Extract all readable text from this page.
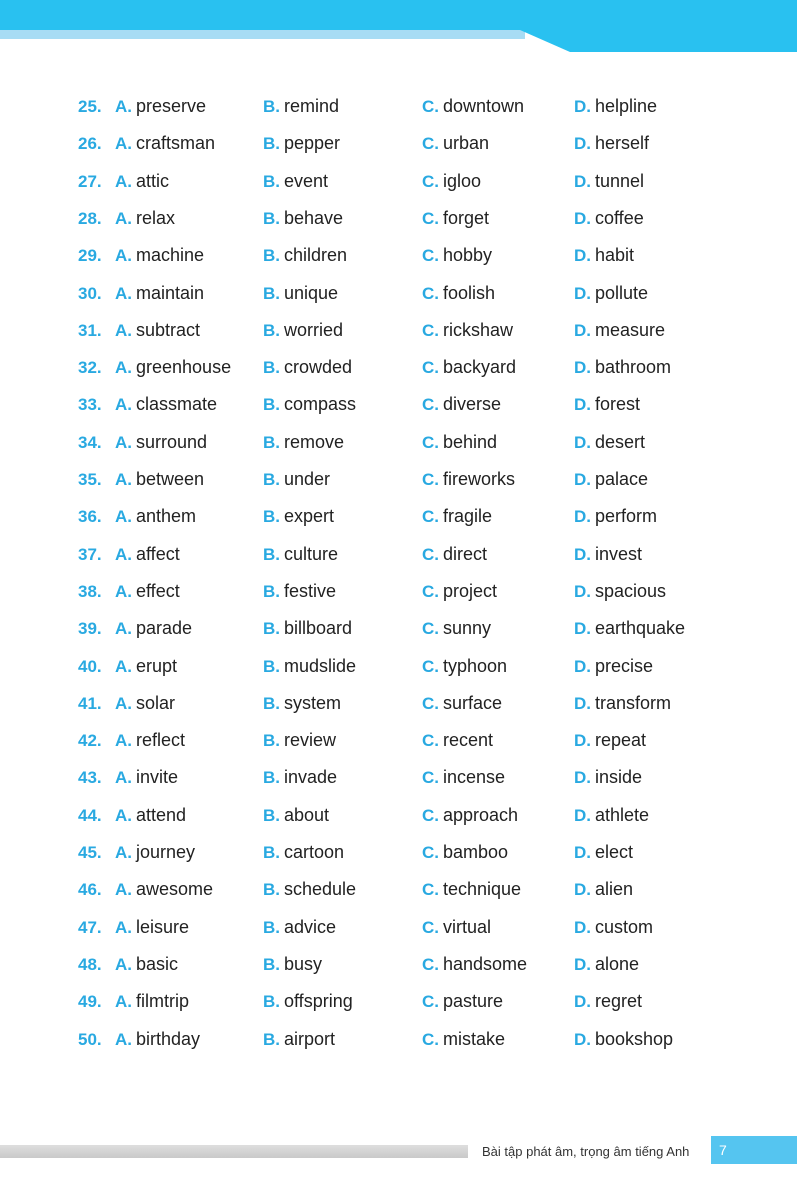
25. A. preserve	B. remind	C. downtown	D. helpline
26. A. craftsman	B. pepper	C. urban	D. herself
27. A. attic	B. event	C. igloo	D. tunnel
28. A. relax	B. behave	C. forget	D. coffee
29. A. machine	B. children	C. hobby	D. habit
30. A. maintain	B. unique	C. foolish	D. pollute
31. A. subtract	B. worried	C. rickshaw	D. measure
32. A. greenhouse B. crowded	C. backyard	D. bathroom
33. A. classmate	B. compass	C. diverse	D. forest
34. A. surround	B. remove	C. behind	D. desert
35. A. between	B. under	C. fireworks	D. palace
36. A. anthem	B. expert	C. fragile	D. perform
37. A. affect	B. culture	C. direct	D. invest
38. A. effect	B. festive	C. project	D. spacious
39. A. parade	B. billboard	C. sunny	D. earthquake
40. A. erupt	B. mudslide	C. typhoon	D. precise
41. A. solar	B. system	C. surface	D. transform
42. A. reflect	B. review	C. recent	D. repeat
43. A. invite	B. invade	C. incense	D. inside
44. A. attend	B. about	C. approach	D. athlete
45. A. journey	B. cartoon	C. bamboo	D. elect
46. A. awesome	B. schedule	C. technique	D. alien
47. A. leisure	B. advice	C. virtual	D. custom
48. A. basic	B. busy	C. handsome	D. alone
49. A. filmtrip	B. offspring	C. pasture	D. regret
50. A. birthday	B. airport	C. mistake	D. bookshop
Bài tập phát âm, trọng âm tiếng Anh	7
